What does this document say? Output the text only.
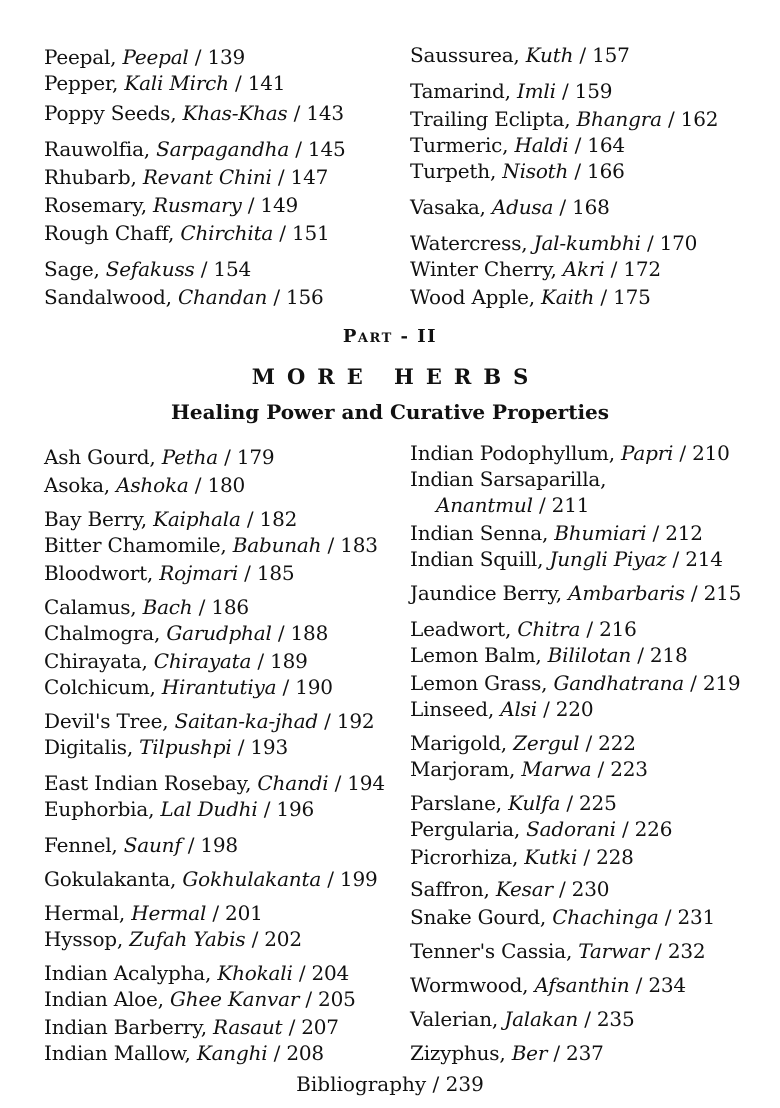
Peepal, Peepal / 139
Pepper, Kali Mirch / 141
Poppy Seeds, Khas-Khas / 143
Rauwolfia, Sarpagandha / 145
Rhubarb, Revant Chini / 147
Rosemary, Rusmary / 149
Rough Chaff, Chirchita / 151
Sage, Sefakuss / 154
Sandalwood, Chandan / 156
Saussurea, Kuth / 157
Tamarind, Imli / 159
Trailing Eclipta, Bhangra / 162
Turmeric, Haldi / 164
Turpeth, Nisoth / 166
Vasaka, Adusa / 168
Watercress, Jal-kumbhi / 170
Winter Cherry, Akri / 172
Wood Apple, Kaith / 175
Part - II
MORE HERBS
Healing Power and Curative Properties
Ash Gourd, Petha / 179
Asoka, Ashoka / 180
Bay Berry, Kaiphala / 182
Bitter Chamomile, Babunah / 183
Bloodwort, Rojmari / 185
Calamus, Bach / 186
Chalmogra, Garudphal / 188
Chirayata, Chirayata / 189
Colchicum, Hirantutiya / 190
Devil's Tree, Saitan-ka-jhad / 192
Digitalis, Tilpushpi / 193
East Indian Rosebay, Chandi / 194
Euphorbia, Lal Dudhi / 196
Fennel, Saunf / 198
Gokulakanta, Gokhulakanta / 199
Hermal, Hermal / 201
Hyssop, Zufah Yabis / 202
Indian Acalypha, Khokali / 204
Indian Aloe, Ghee Kanvar / 205
Indian Barberry, Rasaut / 207
Indian Mallow, Kanghi / 208
Indian Podophyllum, Papri / 210
Indian Sarsaparilla,
Anantmul / 211
Indian Senna, Bhumiari / 212
Indian Squill, Jungli Piyaz / 214
Jaundice Berry, Ambarbaris / 215
Leadwort, Chitra / 216
Lemon Balm, Bililotan / 218
Lemon Grass, Gandhatrana / 219
Linseed, Alsi / 220
Marigold, Zergul / 222
Marjoram, Marwa / 223
Parslane, Kulfa / 225
Pergularia, Sadorani / 226
Picrorhiza, Kutki / 228
Saffron, Kesar / 230
Snake Gourd, Chachinga / 231
Tenner's Cassia, Tarwar / 232
Wormwood, Afsanthin / 234
Valerian, Jalakan / 235
Zizyphus, Ber / 237
Bibliography / 239
